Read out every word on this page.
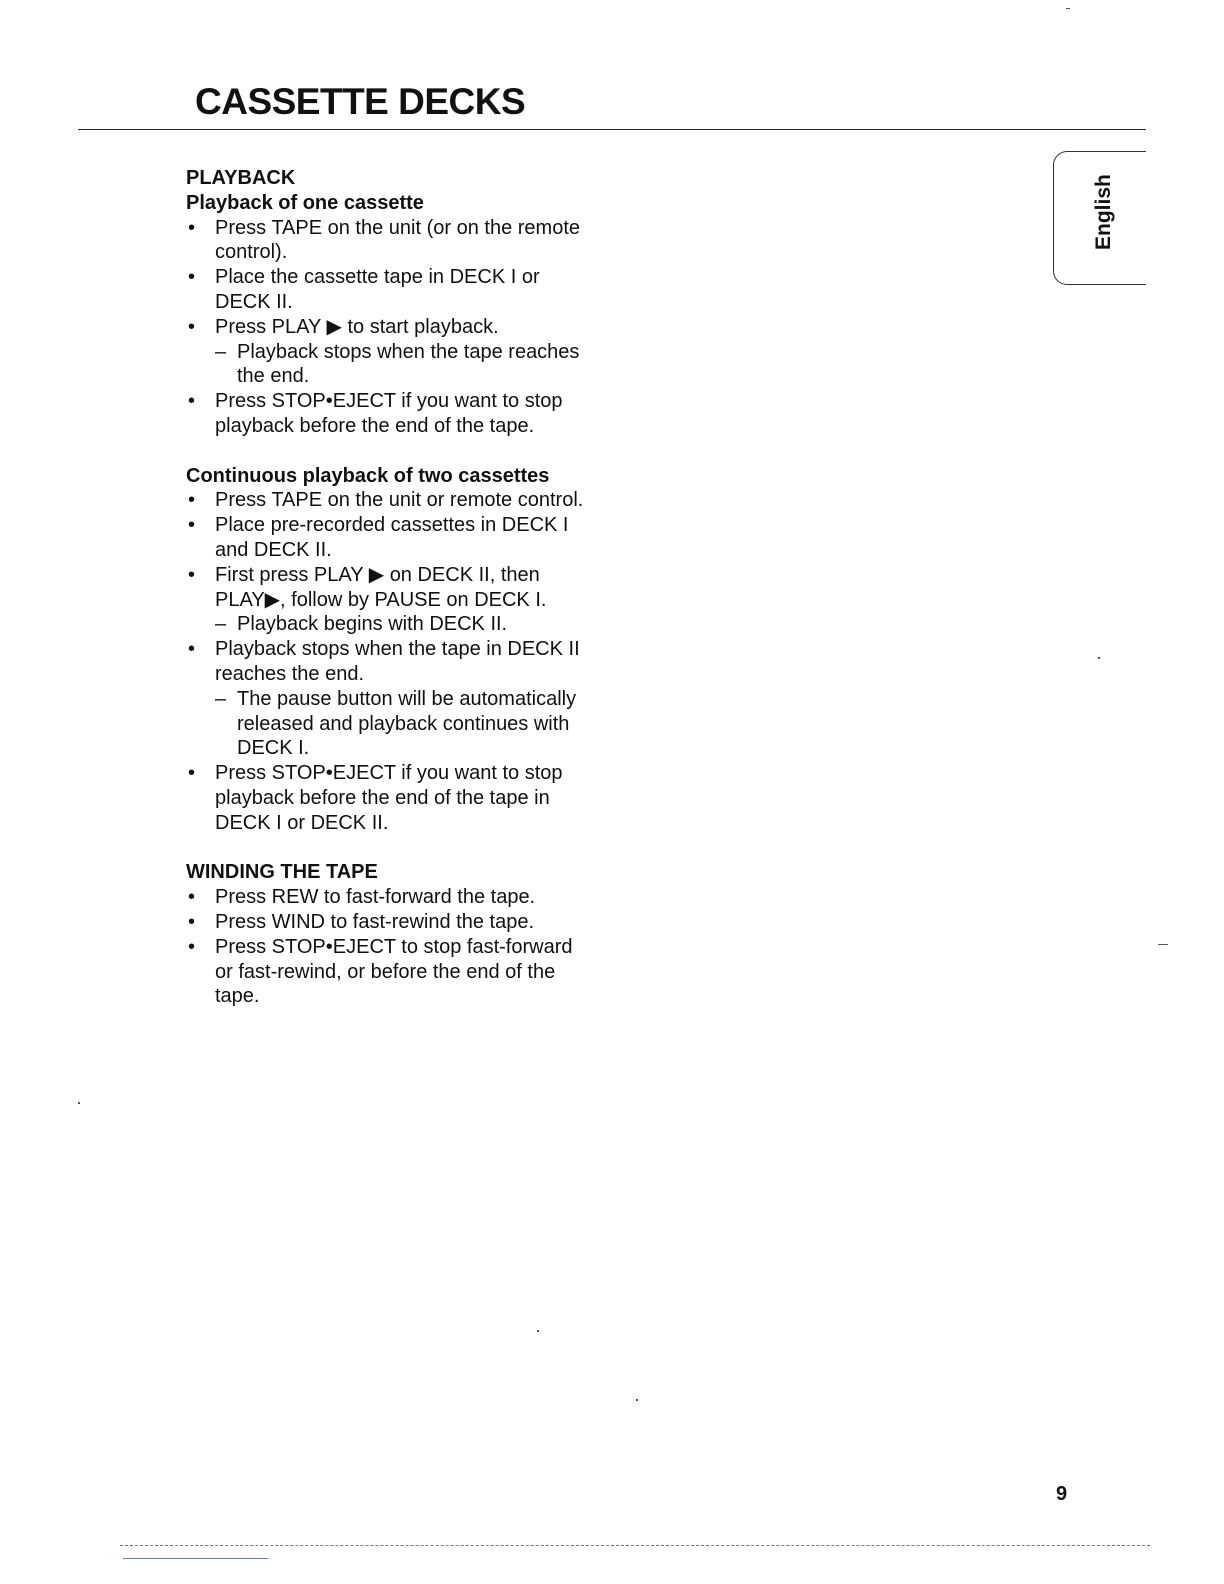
CASSETTE DECKS
English

PLAYBACK

Playback of one cassette

• Press TAPE on the unit (or on the remote control).
• Place the cassette tape in DECK I or DECK II.
• Press PLAY ▶ to start playback.
– Playback stops when the tape reaches the end.
• Press STOP•EJECT if you want to stop playback before the end of the tape.

Continuous playback of two cassettes

• Press TAPE on the unit or remote control.
• Place pre-recorded cassettes in DECK I and DECK II.
• First press PLAY ▶ on DECK II, then PLAY▶, follow by PAUSE on DECK I.
– Playback begins with DECK II.
• Playback stops when the tape in DECK II reaches the end.
– The pause button will be automatically released and playback continues with DECK I.
• Press STOP•EJECT if you want to stop playback before the end of the tape in DECK I or DECK II.

WINDING THE TAPE

• Press REW to fast-forward the tape.
• Press WIND to fast-rewind the tape.
• Press STOP•EJECT to stop fast-forward or fast-rewind, or before the end of the tape.
9
